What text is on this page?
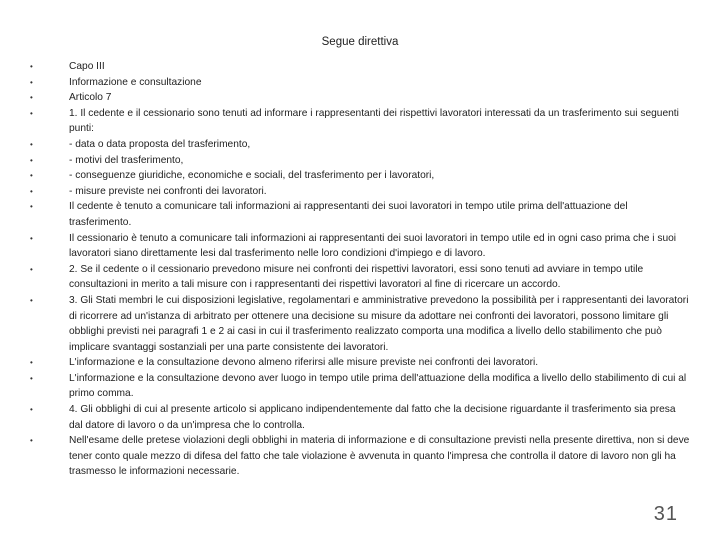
Segue direttiva
•	Capo III
•	Informazione e consultazione
•	Articolo 7
•	1. Il cedente e il cessionario sono tenuti ad informare i rappresentanti dei rispettivi lavoratori interessati da un trasferimento sui seguenti punti:
•	- data o data proposta del trasferimento,
•	- motivi del trasferimento,
•	- conseguenze giuridiche, economiche e sociali, del trasferimento per i lavoratori,
•	- misure previste nei confronti dei lavoratori.
•	Il cedente è tenuto a comunicare tali informazioni ai rappresentanti dei suoi lavoratori in tempo utile prima dell'attuazione del trasferimento.
•	Il cessionario è tenuto a comunicare tali informazioni ai rappresentanti dei suoi lavoratori in tempo utile ed in ogni caso prima che i suoi lavoratori siano direttamente lesi dal trasferimento nelle loro condizioni d'impiego e di lavoro.
•	2. Se il cedente o il cessionario prevedono misure nei confronti dei rispettivi lavoratori, essi sono tenuti ad avviare in tempo utile consultazioni in merito a tali misure con i rappresentanti dei rispettivi lavoratori al fine di ricercare un accordo.
•	3. Gli Stati membri le cui disposizioni legislative, regolamentari e amministrative prevedono la possibilità per i rappresentanti dei lavoratori di ricorrere ad un'istanza di arbitrato per ottenere una decisione su misure da adottare nei confronti dei lavoratori, possono limitare gli obblighi previsti nei paragrafi 1 e 2 ai casi in cui il trasferimento realizzato comporta una modifica a livello dello stabilimento che può implicare svantaggi sostanziali per una parte consistente dei lavoratori.
•	L'informazione e la consultazione devono almeno riferirsi alle misure previste nei confronti dei lavoratori.
•	L'informazione e la consultazione devono aver luogo in tempo utile prima dell'attuazione della modifica a livello dello stabilimento di cui al primo comma.
•	4. Gli obblighi di cui al presente articolo si applicano indipendentemente dal fatto che la decisione riguardante il trasferimento sia presa dal datore di lavoro o da un'impresa che lo controlla.
•	Nell'esame delle pretese violazioni degli obblighi in materia di informazione e di consultazione previsti nella presente direttiva, non si deve tener conto quale mezzo di difesa del fatto che tale violazione è avvenuta in quanto l'impresa che controlla il datore di lavoro non gli ha trasmesso le informazioni necessarie.
31
